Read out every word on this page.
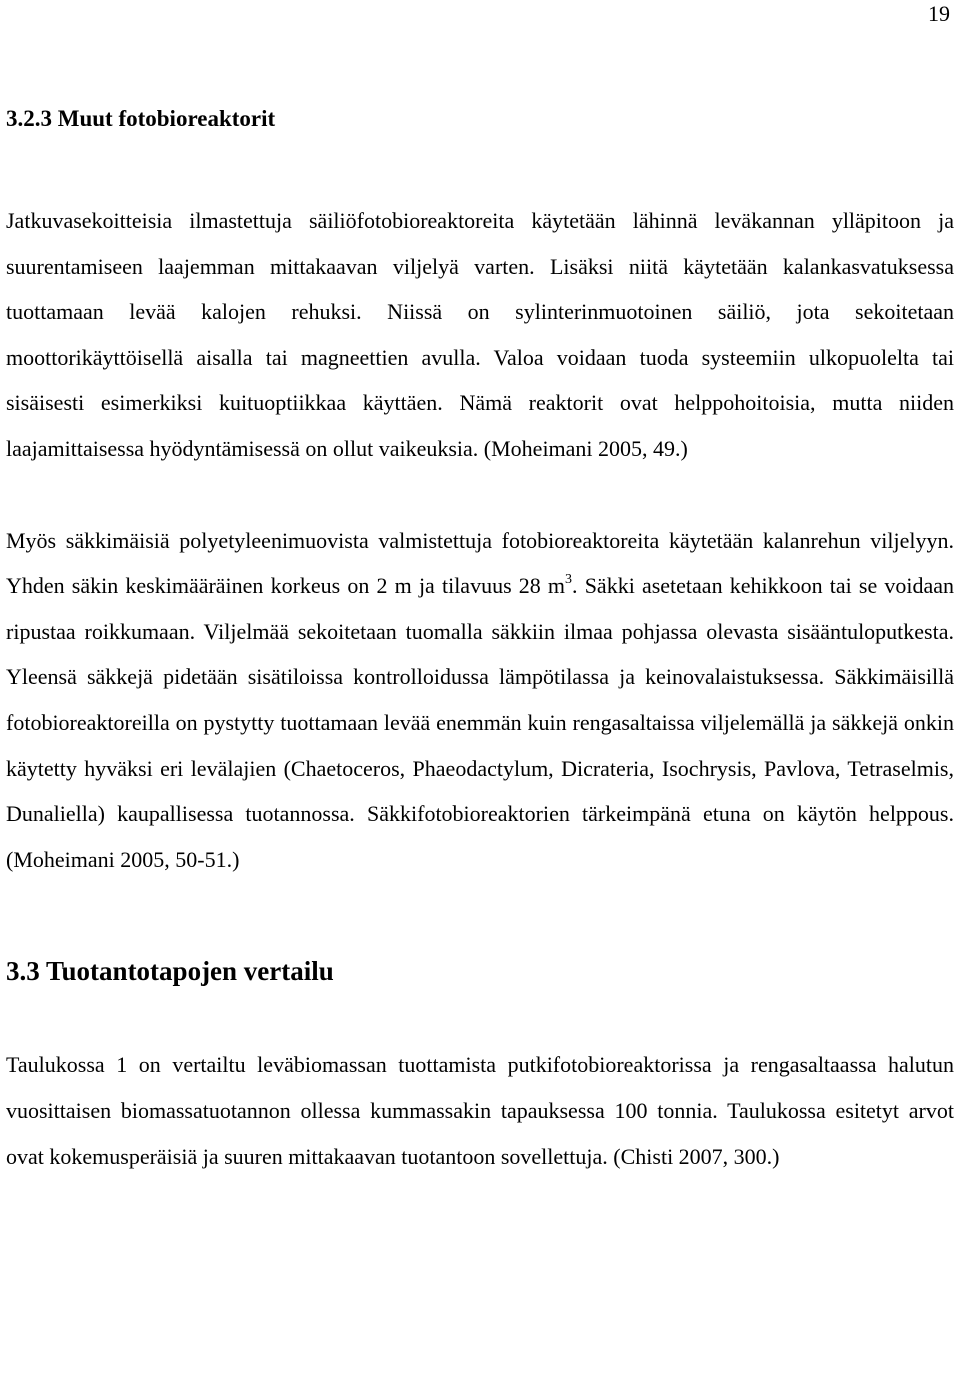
19
3.2.3 Muut fotobioreaktorit

Jatkuvasekoitteisia ilmastettuja säiliöfotobioreaktoreita käytetään lähinnä leväkannan ylläpitoon ja suurentamiseen laajemman mittakaavan viljelyä varten. Lisäksi niitä käytetään kalankasvatuksessa tuottamaan levää kalojen rehuksi. Niissä on sylinterinmuotoinen säiliö, jota sekoitetaan moottorikäyttöisellä aisalla tai magneettien avulla. Valoa voidaan tuoda systeemiin ulkopuolelta tai sisäisesti esimerkiksi kuituoptiikkaa käyttäen. Nämä reaktorit ovat helppohoitoisia, mutta niiden laajamittaisessa hyödyntämisessä on ollut vaikeuksia. (Moheimani 2005, 49.)

Myös säkkimäisiä polyetyleenimuovista valmistettuja fotobioreaktoreita käytetään kalanrehun viljelyyn. Yhden säkin keskimääräinen korkeus on 2 m ja tilavuus 28 $m^3$. Säkki asetetaan kehikkoon tai se voidaan ripustaa roikkumaan. Viljelmää sekoitetaan tuomalla säkkiin ilmaa pohjassa olevasta sisääntuloputkesta. Yleensä säkkejä pidetään sisätiloissa kontrolloidussa lämpötilassa ja keinovalaistuksessa. Säkkimäisillä fotobioreaktoreilla on pystytty tuottamaan levää enemmän kuin rengasaltaissa viljelemällä ja säkkejä onkin käytetty hyväksi eri levälajien (Chaetoceros, Phaeodactylum, Dicrateria, Isochrysis, Pavlova, Tetraselmis, Dunaliella) kaupallisessa tuotannossa. Säkkifotobioreaktorien tärkeimpänä etuna on käytön helppous. (Moheimani 2005, 50-51.)

3.3 Tuotantotapojen vertailu

Taulukossa 1 on vertailtu leväbiomassan tuottamista putkifotobioreaktorissa ja rengasaltaassa halutun vuosittaisen biomassatuotannon ollessa kummassakin tapauksessa 100 tonnia. Taulukossa esitetyt arvot ovat kokemusperäisiä ja suuren mittakaavan tuotantoon sovellettuja. (Chisti 2007, 300.)
